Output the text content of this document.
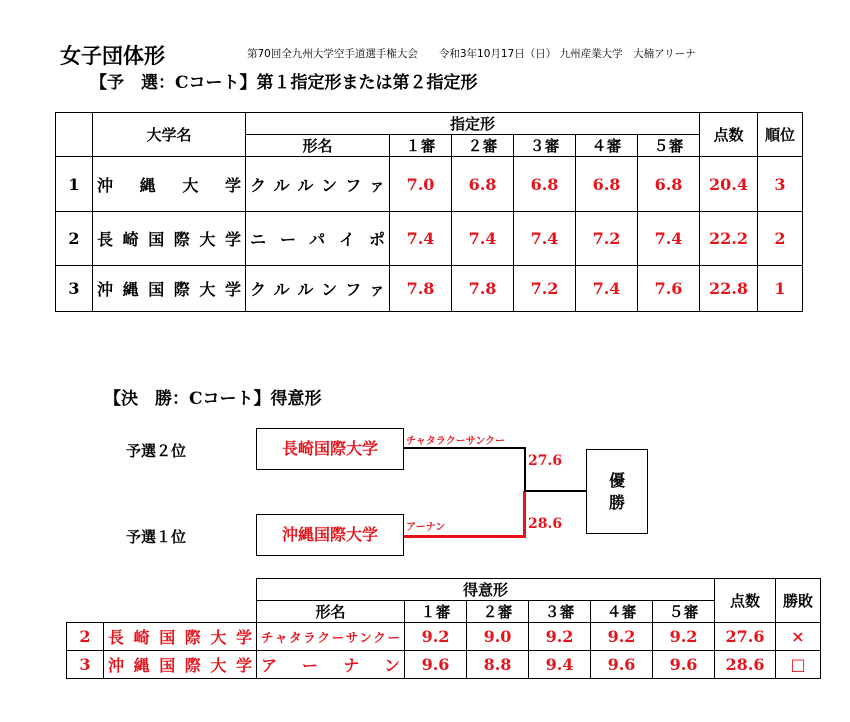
女子団体形	第70回全九州大学空手道選手権大会　　令和3年10月17日（日） 九州産業大学　大楠アリーナ
【予　選：Cコート】第１指定形または第２指定形
	大学名	指定形						点数	順位
		形名	１審	２審	３審	４審	５審		
1	沖　縄　大　学	クルルンファ	7.0	6.8	6.8	6.8	6.8	20.4	3
2	長崎国際大学	ニーパイポ	7.4	7.4	7.4	7.2	7.4	22.2	2
3	沖縄国際大学	クルルンファ	7.8	7.8	7.2	7.4	7.6	22.8	1
【決　勝：Cコート】得意形
予選２位
予選１位
長崎国際大学
沖縄国際大学
チャタラクーサンクー
アーナン
27.6
28.6
優
勝
		得意形						点数	勝敗
		形名	１審	２審	３審	４審	５審		
2	長崎国際大学	チャタラクーサンクー	9.2	9.0	9.2	9.2	9.2	27.6	×
3	沖縄国際大学	アーナン	9.6	8.8	9.4	9.6	9.6	28.6	□
